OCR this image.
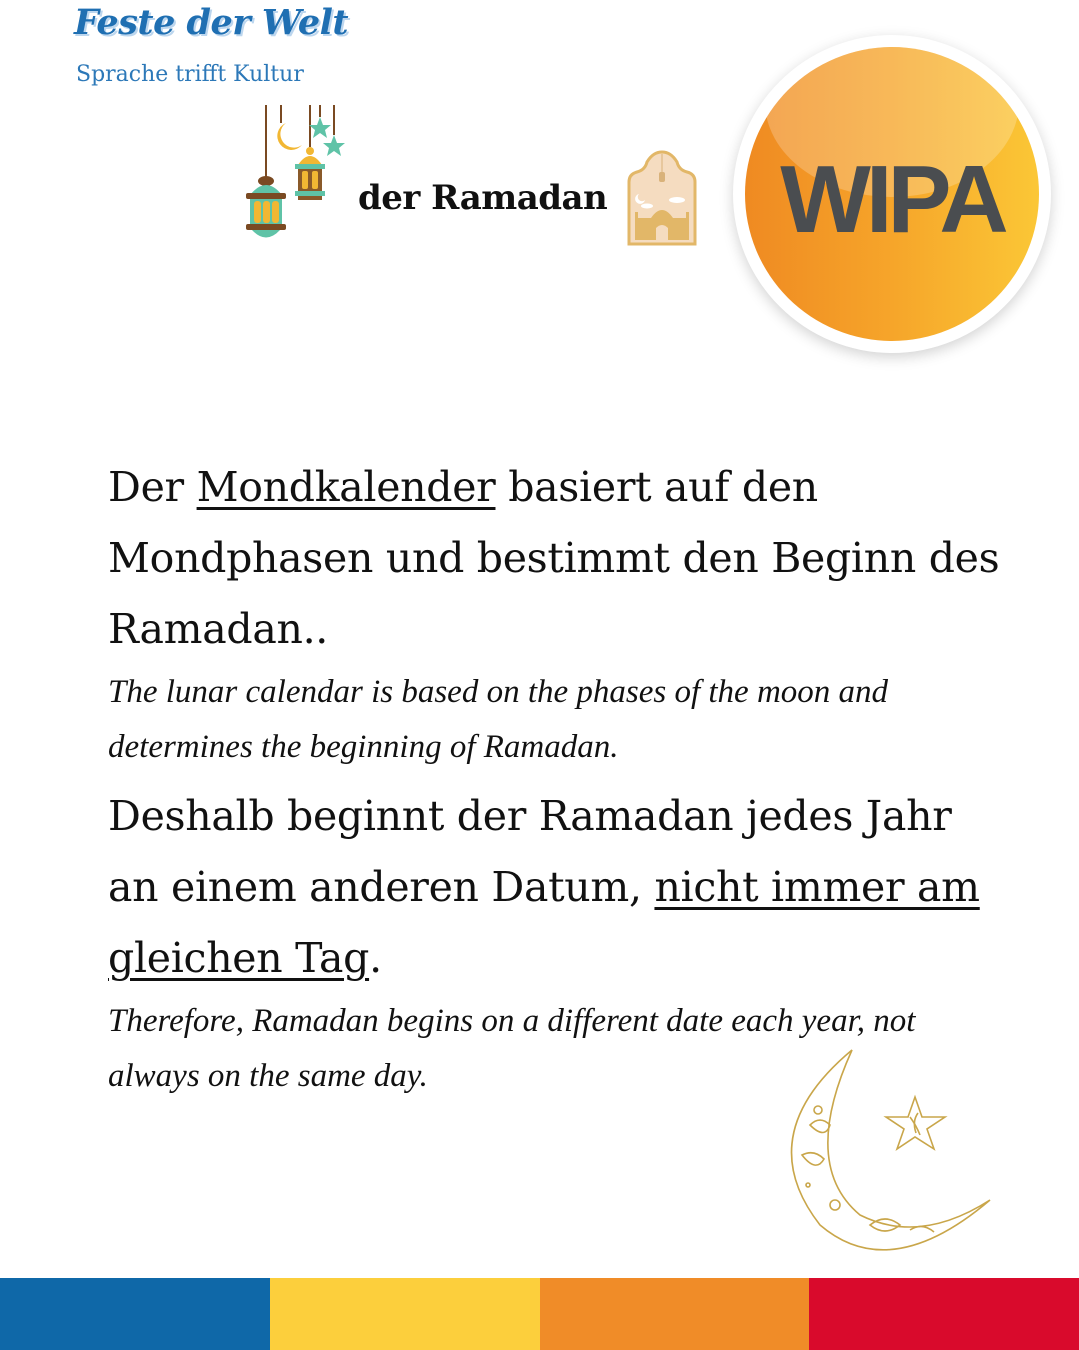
Feste der Welt
Sprache trifft Kultur
der Ramadan	WIPA

Der Mondkalender basiert auf den Mondphasen und bestimmt den Beginn des Ramadan..

The lunar calendar is based on the phases of the moon and determines the beginning of Ramadan.

Deshalb beginnt der Ramadan jedes Jahr an einem anderen Datum, nicht immer am gleichen Tag.

Therefore, Ramadan begins on a different date each year, not always on the same day.
